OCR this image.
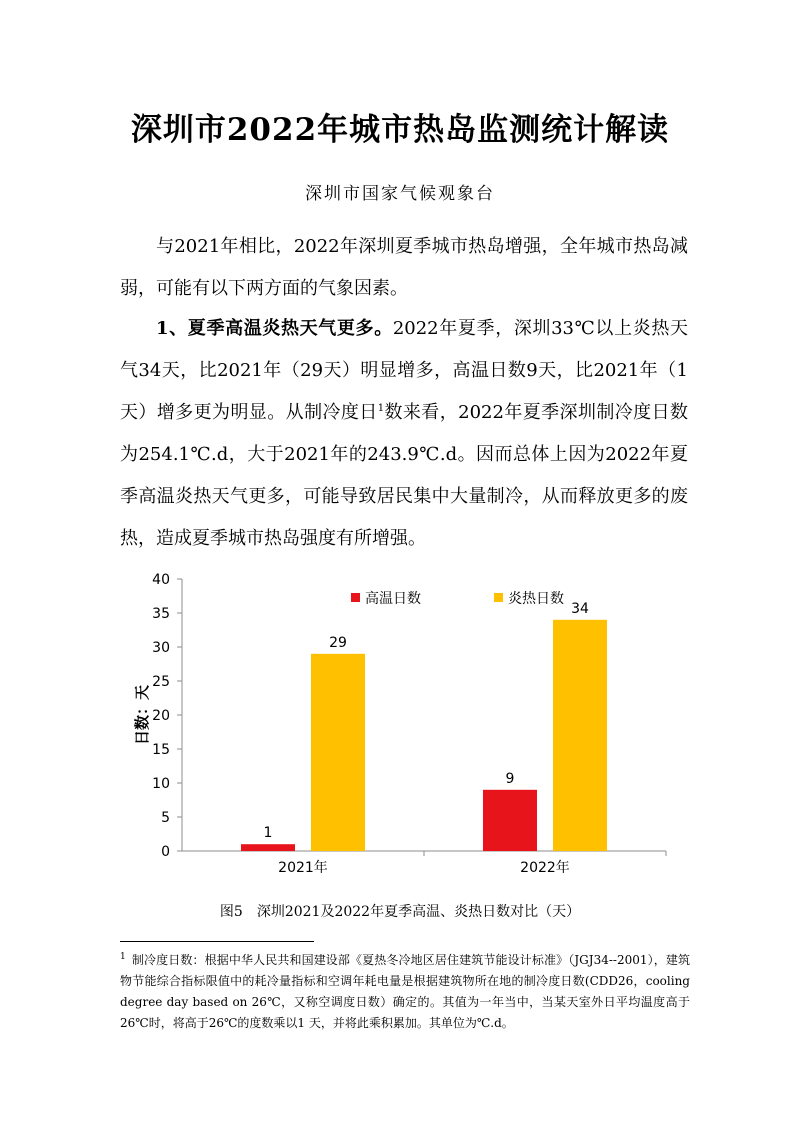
深圳市2022年城市热岛监测统计解读
深圳市国家气候观象台
与2021年相比，2022年深圳夏季城市热岛增强，全年城市热岛减弱，可能有以下两方面的气象因素。
1、夏季高温炎热天气更多。2022年夏季，深圳33℃以上炎热天气34天，比2021年（29天）明显增多，高温日数9天，比2021年（1天）增多更为明显。从制冷度日$^1$数来看，2022年夏季深圳制冷度日数为254.1℃.d，大于2021年的243.9℃.d。因而总体上因为2022年夏季高温炎热天气更多，可能导致居民集中大量制冷，从而释放更多的废热，造成夏季城市热岛强度有所增强。
0
5
10
15
20
25
30
35
40
日数：天
1
29
2021年
9
34
2022年
高温日数	炎热日数
图5　深圳2021及2022年夏季高温、炎热日数对比（天）
$^1$ 制冷度日数：根据中华人民共和国建设部《夏热冬冷地区居住建筑节能设计标准》（JGJ34--2001），建筑物节能综合指标限值中的耗冷量指标和空调年耗电量是根据建筑物所在地的制冷度日数(CDD26，cooling degree day based on 26℃，又称空调度日数）确定的。其值为一年当中，当某天室外日平均温度高于26℃时，将高于26℃的度数乘以1 天，并将此乘积累加。其单位为℃.d。
